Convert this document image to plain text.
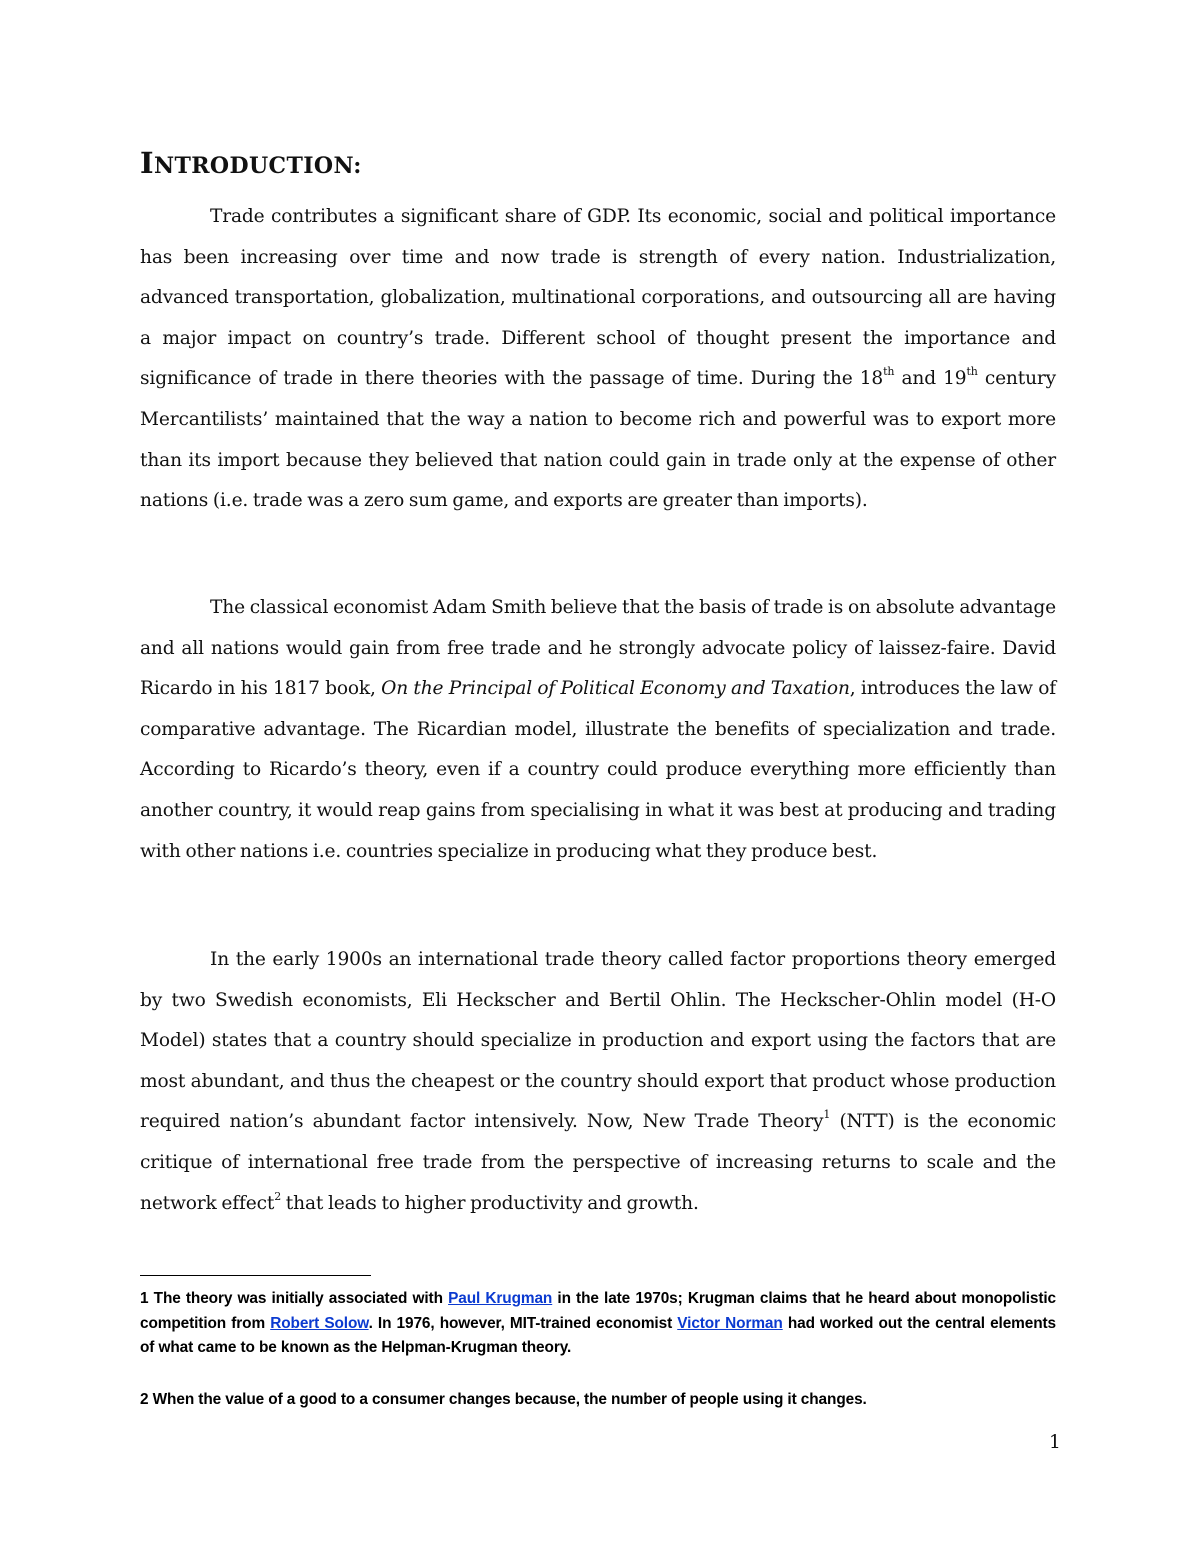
INTRODUCTION:

Trade contributes a significant share of GDP. Its economic, social and political importance has been increasing over time and now trade is strength of every nation. Industrialization, advanced transportation, globalization, multinational corporations, and outsourcing all are having a major impact on country’s trade. Different school of thought present the importance and significance of trade in there theories with the passage of time. During the 18th and 19th century Mercantilists’ maintained that the way a nation to become rich and powerful was to export more than its import because they believed that nation could gain in trade only at the expense of other nations (i.e. trade was a zero sum game, and exports are greater than imports).

The classical economist Adam Smith believe that the basis of trade is on absolute advantage and all nations would gain from free trade and he strongly advocate policy of laissez-faire. David Ricardo in his 1817 book, On the Principal of Political Economy and Taxation, introduces the law of comparative advantage. The Ricardian model, illustrate the benefits of specialization and trade. According to Ricardo’s theory, even if a country could produce everything more efficiently than another country, it would reap gains from specialising in what it was best at producing and trading with other nations i.e. countries specialize in producing what they produce best.

In the early 1900s an international trade theory called factor proportions theory emerged by two Swedish economists, Eli Heckscher and Bertil Ohlin. The Heckscher-Ohlin model (H-O Model) states that a country should specialize in production and export using the factors that are most abundant, and thus the cheapest or the country should export that product whose production required nation’s abundant factor intensively. Now, New Trade Theory$^1$ (NTT) is the economic critique of international free trade from the perspective of increasing returns to scale and the network effect$^2$ that leads to higher productivity and growth.

1 The theory was initially associated with Paul Krugman in the late 1970s; Krugman claims that he heard about monopolistic competition from Robert Solow. In 1976, however, MIT-trained economist Victor Norman had worked out the central elements of what came to be known as the Helpman-Krugman theory.

2 When the value of a good to a consumer changes because, the number of people using it changes.

1
